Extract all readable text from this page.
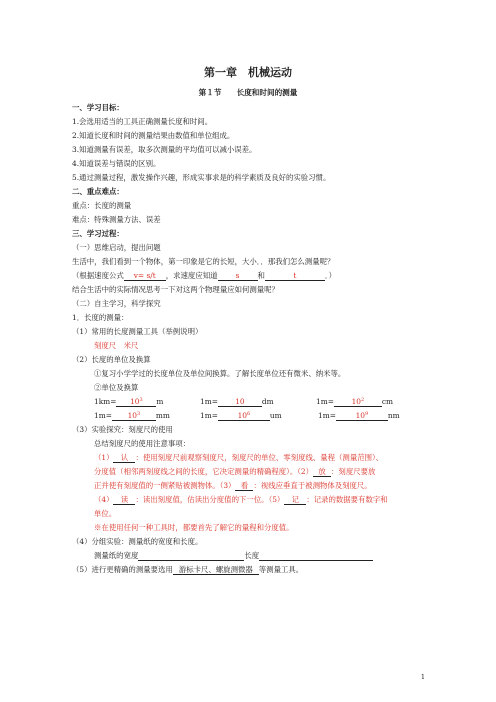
第一章　机械运动
第１节　　长度和时间的测量
一、学习目标：
1.会选用适当的工具正确测量长度和时间。
2.知道长度和时间的测量结果由数值和单位组成。
3.知道测量有误差，取多次测量的平均值可以减小误差。
4.知道误差与错误的区别。
5.通过测量过程，激发操作兴趣，形成实事求是的科学素质及良好的实验习惯。
二、重点难点：
重点：长度的测量
难点：特殊测量方法、误差
三、学习过程：
（一）思维启动，提出问题
生活中，我们看到一个物体，第一印象是它的长短，大小．．那我们怎么测量呢？
（根据速度公式 v= s/t ，求速度应知道 s 和	t	．）
结合生活中的实际情况思考一下对这两个物理量应如何测量呢？
（二）自主学习，科学探究
1．长度的测量：
（1）常用的长度测量工具（举例说明）
刻度尺　米尺
（2）长度的单位及换算
①复习小学学过的长度单位及单位间换算。了解长度单位还有微米、纳米等。
②单位及换算
$1km= 10^3$ m	1m= 10 dm	$1m= 10^2$ cm
$1m= 10^3$ mm	1m=	$10^6$	um	1m=	$10^9$	nm
（3）实验探究：刻度尺的使用
总结刻度尺的使用注意事项：
（1） 认 ：使用刻度尺前观察刻度尺，刻度尺的单位、零刻度线、量程（测量范围）、
分度值（相邻两刻度线之间的长度，它决定测量的精确程度）。（2） 放 ：刻度尺要放
正并使有刻度值的一侧紧贴被测物体。（3） 看 ：视线应垂直于被测物体及刻度尺。
（4） 读 ：读出刻度值，估读出分度值的下一位。（5） 记 ：记录的数据要有数字和
单位。
※在使用任何一种工具时，都要首先了解它的量程和分度值。
（4）分组实验：测量纸的宽度和长度。
测量纸的宽度	长度
（5）进行更精确的测量要选用 游标卡尺、螺旋测微器 等测量工具。
1
